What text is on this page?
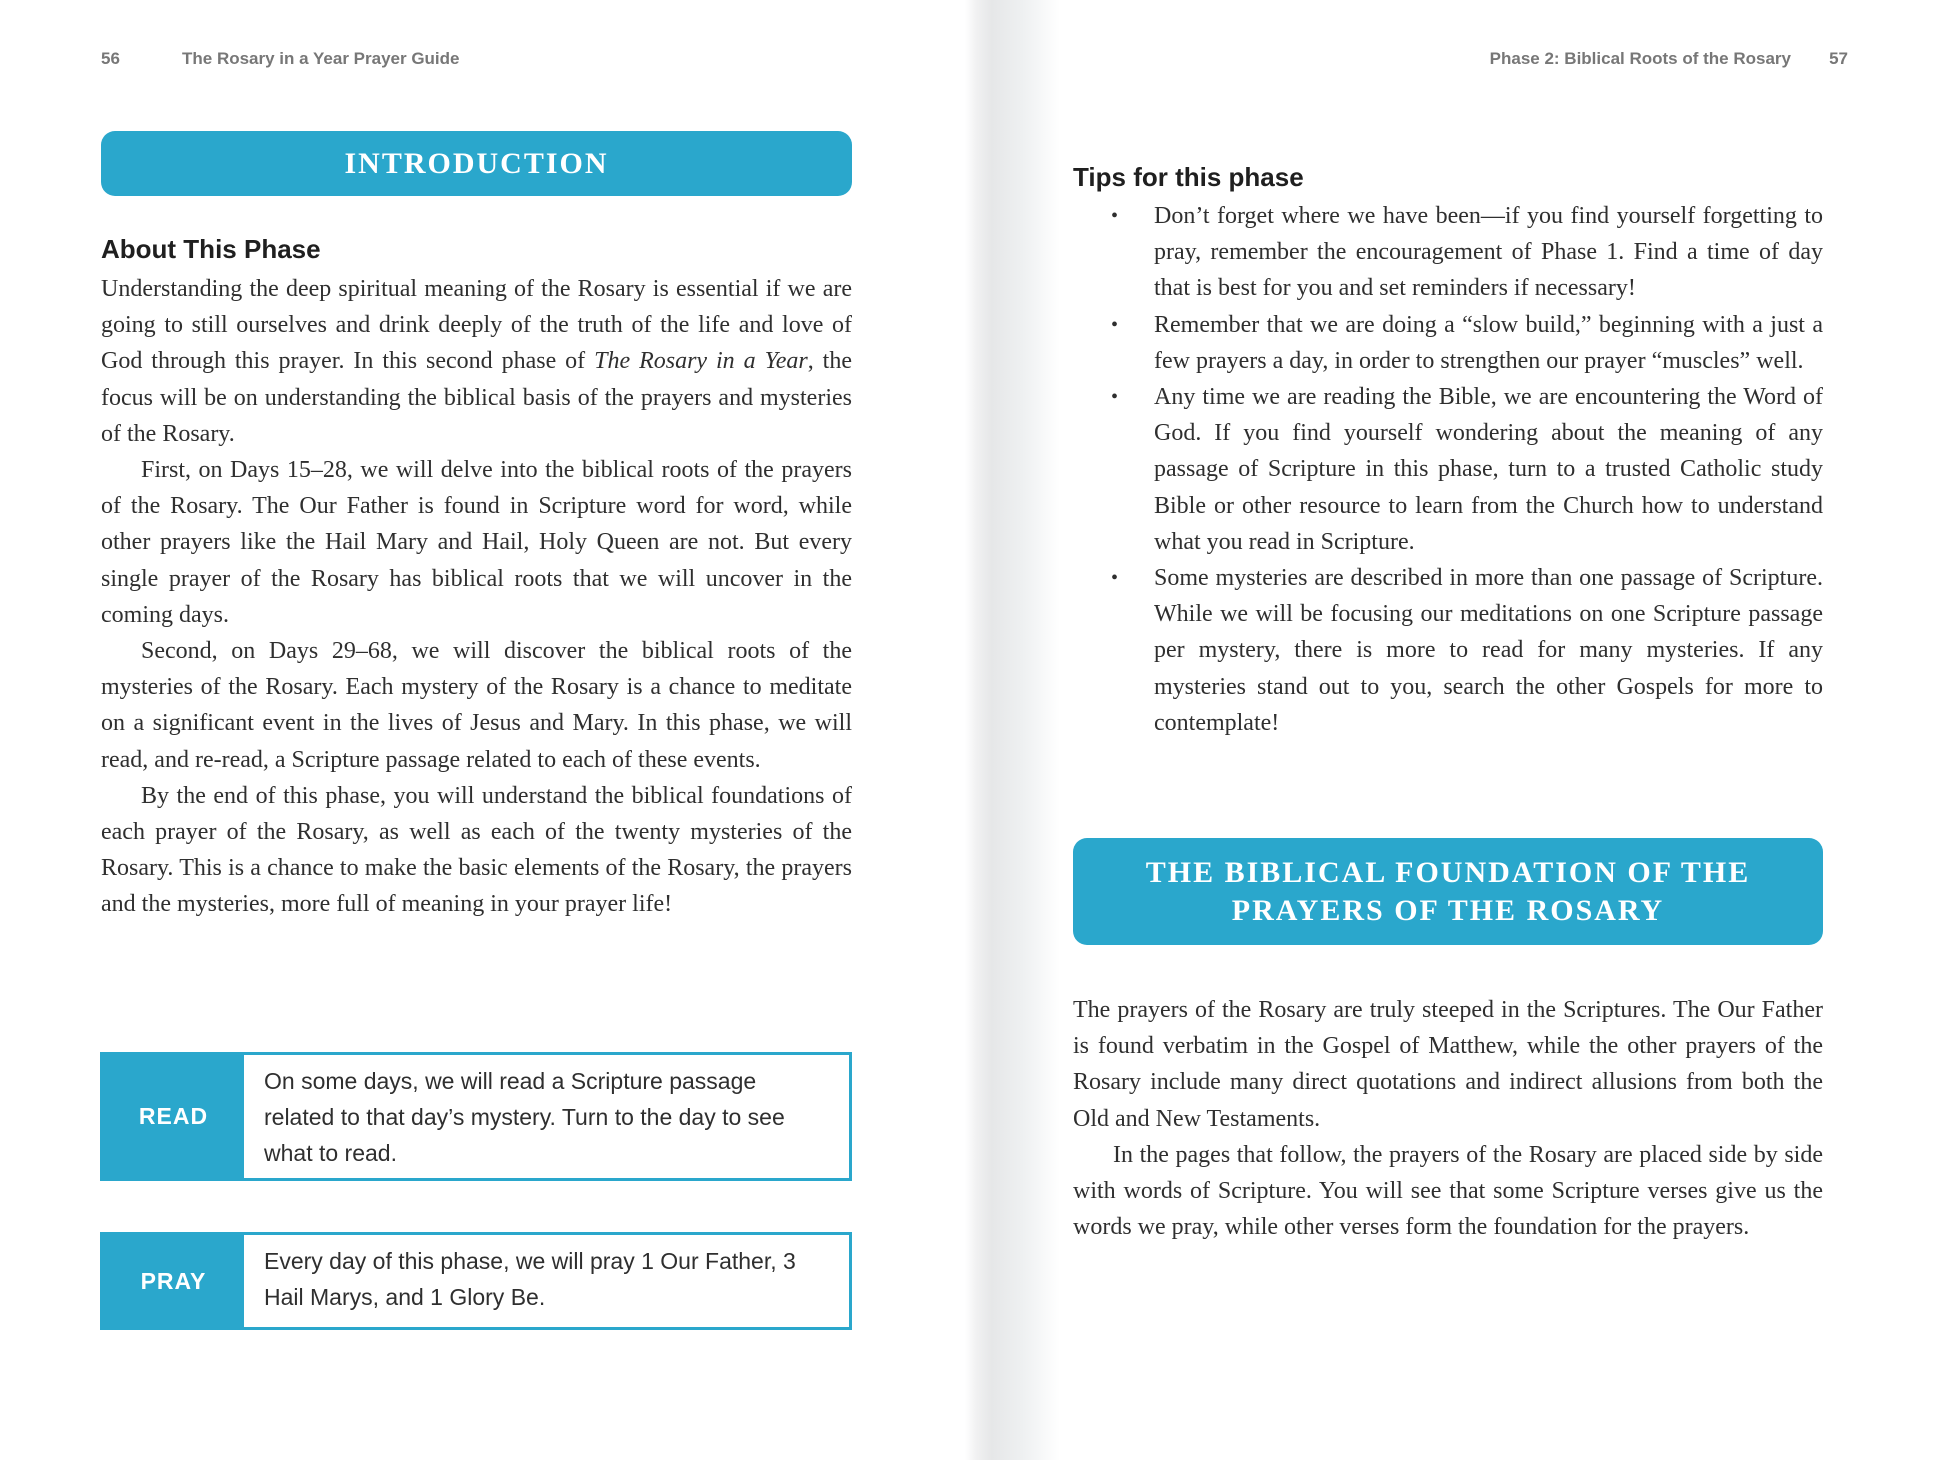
56	The Rosary in a Year Prayer Guide
INTRODUCTION
About This Phase

Understanding the deep spiritual meaning of the Rosary is essential if we are going to still ourselves and drink deeply of the truth of the life and love of God through this prayer. In this second phase of The Rosary in a Year, the focus will be on understanding the biblical basis of the prayers and mysteries of the Rosary.

First, on Days 15–28, we will delve into the biblical roots of the prayers of the Rosary. The Our Father is found in Scripture word for word, while other prayers like the Hail Mary and Hail, Holy Queen are not. But every single prayer of the Rosary has biblical roots that we will uncover in the coming days.

Second, on Days 29–68, we will discover the biblical roots of the mysteries of the Rosary. Each mystery of the Rosary is a chance to meditate on a significant event in the lives of Jesus and Mary. In this phase, we will read, and re-read, a Scripture passage related to each of these events.

By the end of this phase, you will understand the biblical foundations of each prayer of the Rosary, as well as each of the twenty mysteries of the Rosary. This is a chance to make the basic elements of the Rosary, the prayers and the mysteries, more full of meaning in your prayer life!

READ
On some days, we will read a Scripture passage related to that day’s mystery. Turn to the day to see what to read.
PRAY
Every day of this phase, we will pray 1 Our Father, 3 Hail Marys, and 1 Glory Be.
Phase 2: Biblical Roots of the Rosary 57
Tips for this phase
• Don’t forget where we have been—if you find yourself forgetting to pray, remember the encouragement of Phase 1. Find a time of day that is best for you and set reminders if necessary!
• Remember that we are doing a “slow build,” beginning with a just a few prayers a day, in order to strengthen our prayer “muscles” well.
• Any time we are reading the Bible, we are encountering the Word of God. If you find yourself wondering about the meaning of any passage of Scripture in this phase, turn to a trusted Catholic study Bible or other resource to learn from the Church how to understand what you read in Scripture.
• Some mysteries are described in more than one passage of Scripture. While we will be focusing our meditations on one Scripture passage per mystery, there is more to read for many mysteries. If any mysteries stand out to you, search the other Gospels for more to contemplate!
THE BIBLICAL FOUNDATION OF THE
PRAYERS OF THE ROSARY

The prayers of the Rosary are truly steeped in the Scriptures. The Our Father is found verbatim in the Gospel of Matthew, while the other prayers of the Rosary include many direct quotations and indirect allusions from both the Old and New Testaments.

In the pages that follow, the prayers of the Rosary are placed side by side with words of Scripture. You will see that some Scripture verses give us the words we pray, while other verses form the foundation for the prayers.
